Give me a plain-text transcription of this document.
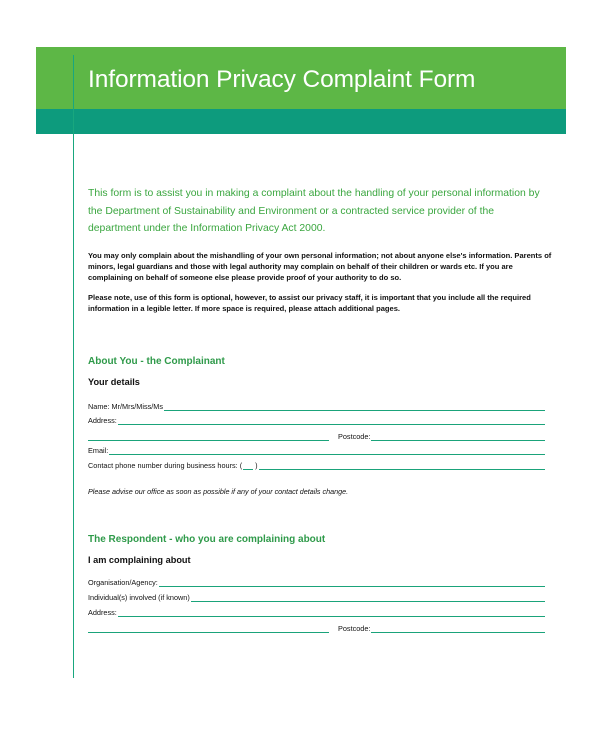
Information Privacy Complaint Form

This form is to assist you in making a complaint about the handling of your personal information by the Department of Sustainability and Environment or a contracted service provider of the department under the Information Privacy Act 2000.

You may only complain about the mishandling of your own personal information; not about anyone else's information. Parents of minors, legal guardians and those with legal authority may complain on behalf of their children or wards etc. If you are complaining on behalf of someone else please provide proof of your authority to do so.

Please note, use of this form is optional, however, to assist our privacy staff, it is important that you include all the required information in a legible letter. If more space is required, please attach additional pages.

About You - the Complainant
Your details
Name: Mr/Mrs/Miss/Ms
Address:
Postcode:
Email:
Contact phone number during business hours: ( )
Please advise our office as soon as possible if any of your contact details change.
The Respondent - who you are complaining about
I am complaining about
Organisation/Agency:
Individual(s) involved (if known)
Address:
Postcode:
